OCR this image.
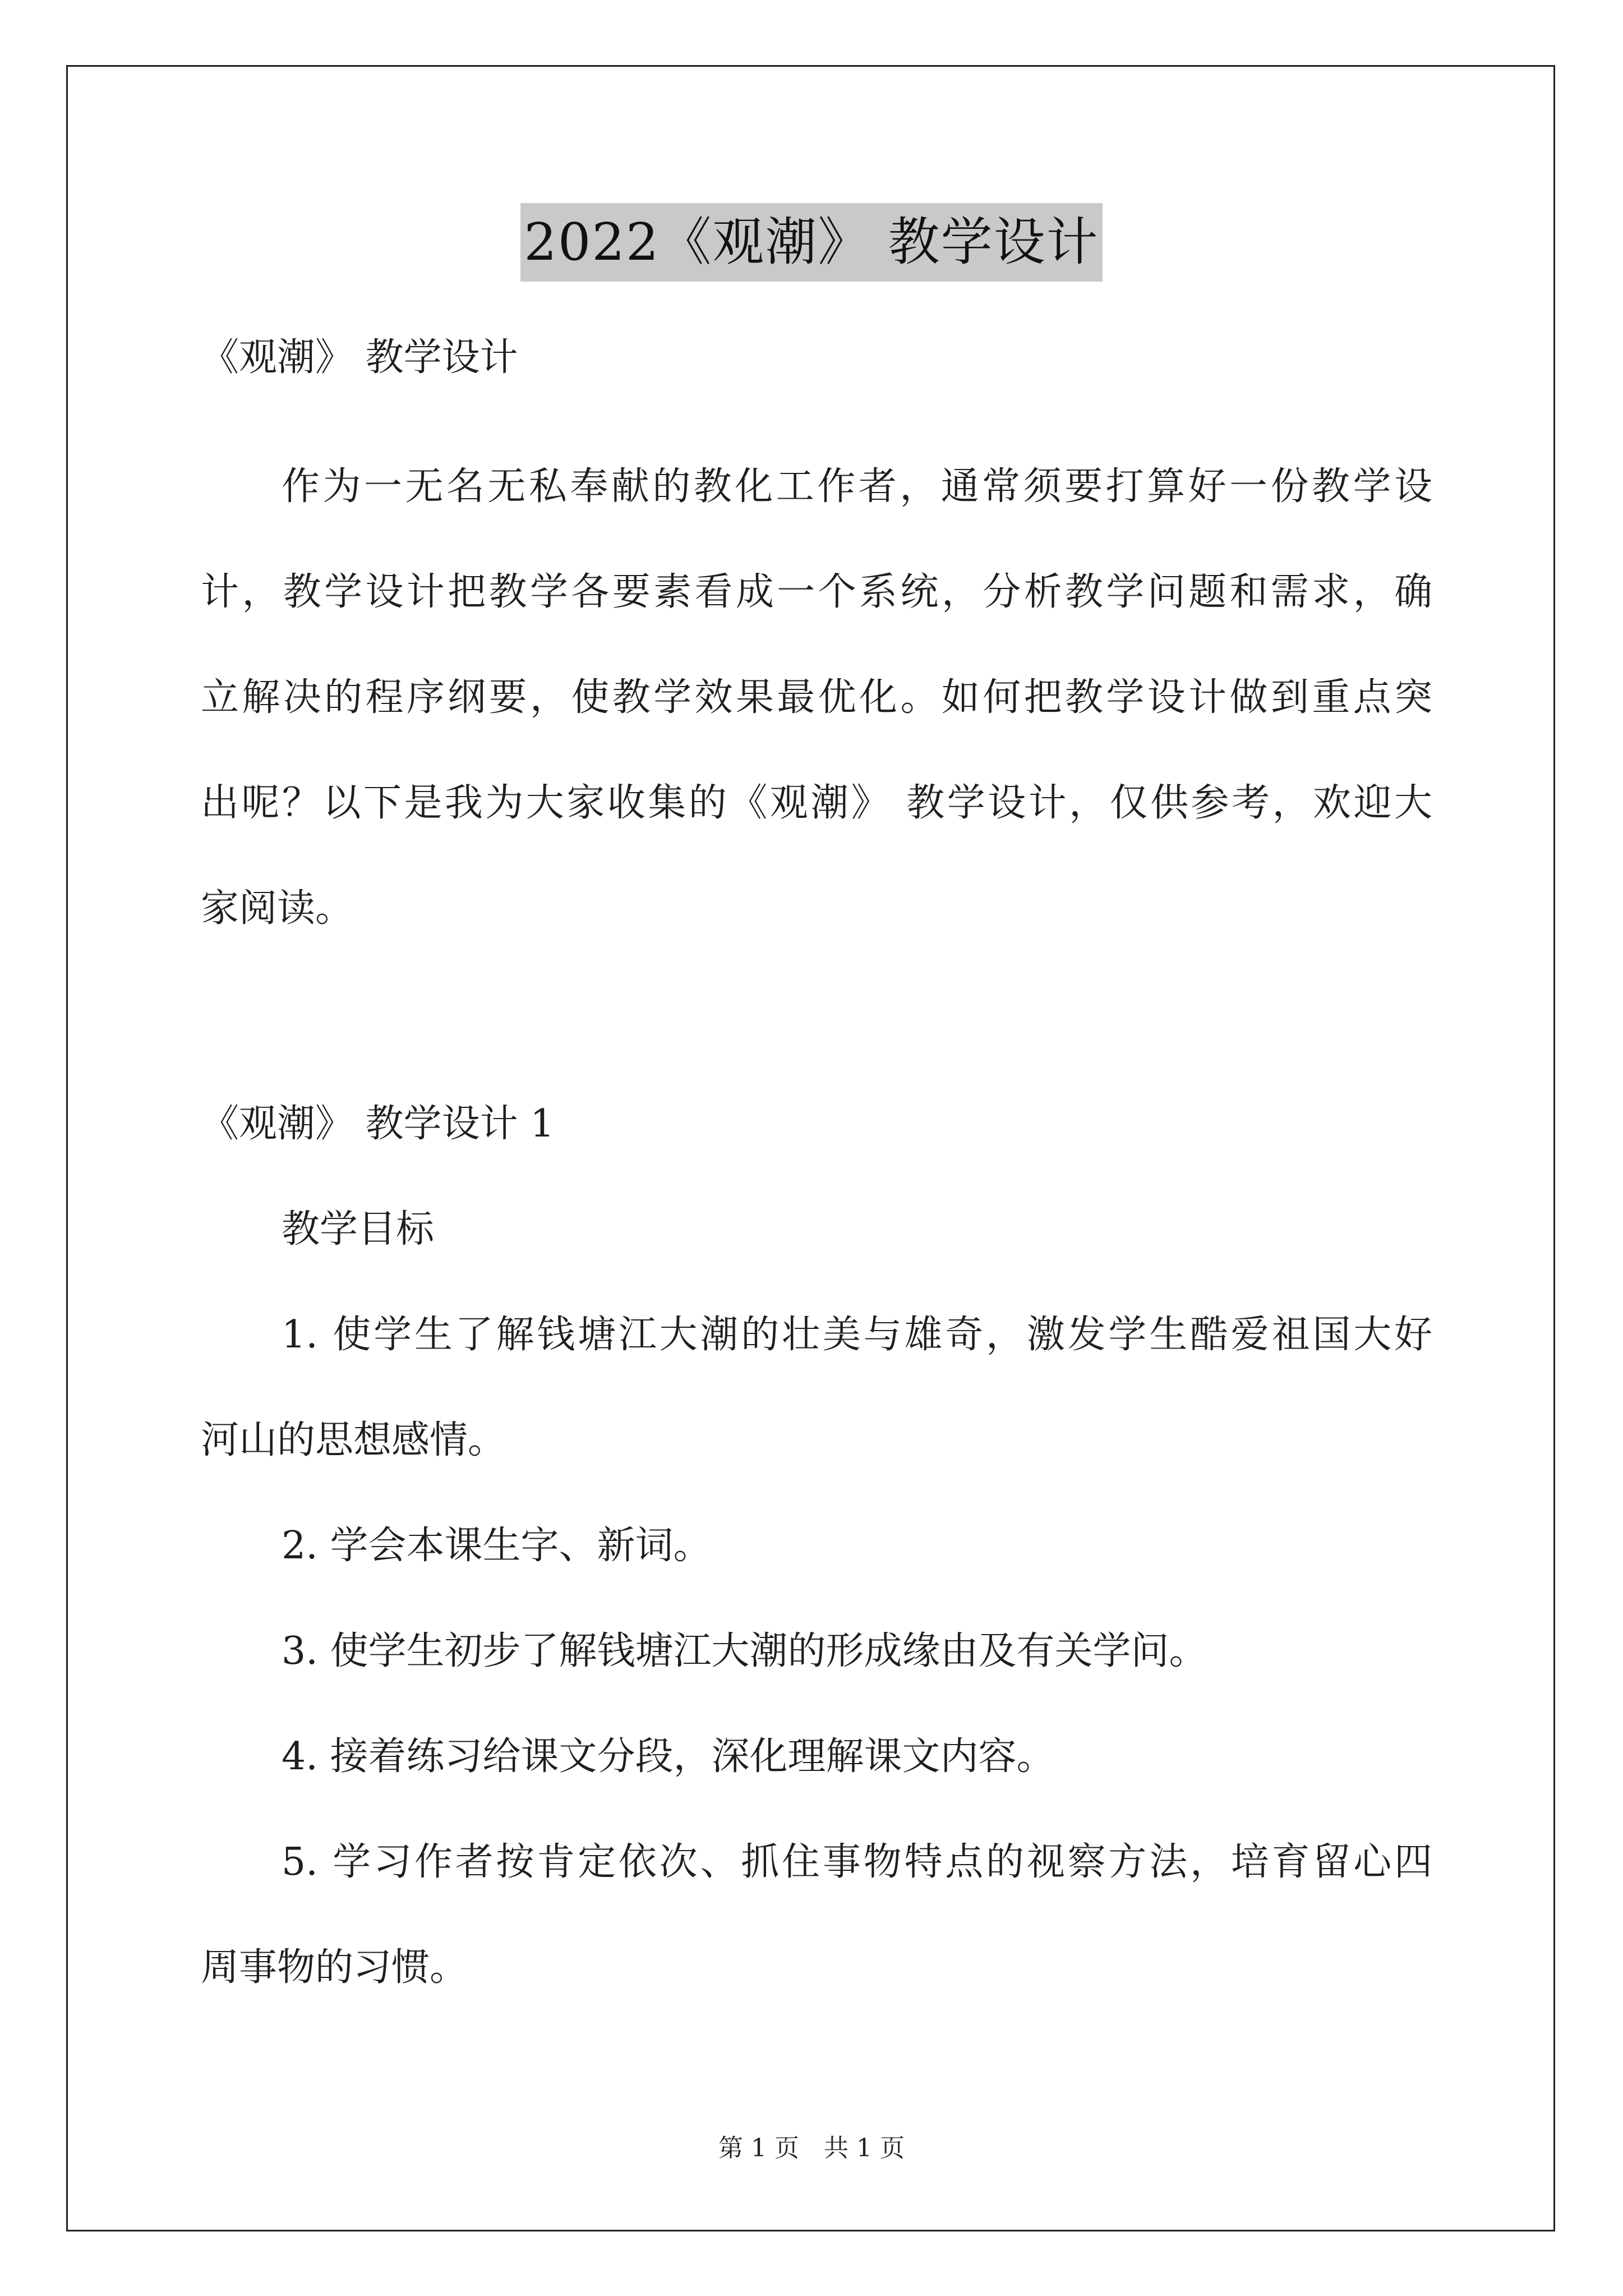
2022《观潮》 教学设计
《观潮》 教学设计
作为一无名无私奉献的教化工作者，通常须要打算好一份教学设
计，教学设计把教学各要素看成一个系统，分析教学问题和需求，确
立解决的程序纲要，使教学效果最优化。如何把教学设计做到重点突
出呢？以下是我为大家收集的《观潮》 教学设计，仅供参考，欢迎大
家阅读。
《观潮》 教学设计 1
教学目标
1. 使学生了解钱塘江大潮的壮美与雄奇，激发学生酷爱祖国大好
河山的思想感情。
2. 学会本课生字、新词。
3. 使学生初步了解钱塘江大潮的形成缘由及有关学问。
4. 接着练习给课文分段，深化理解课文内容。
5. 学习作者按肯定依次、抓住事物特点的视察方法，培育留心四
周事物的习惯。
第 1 页　共 1 页
